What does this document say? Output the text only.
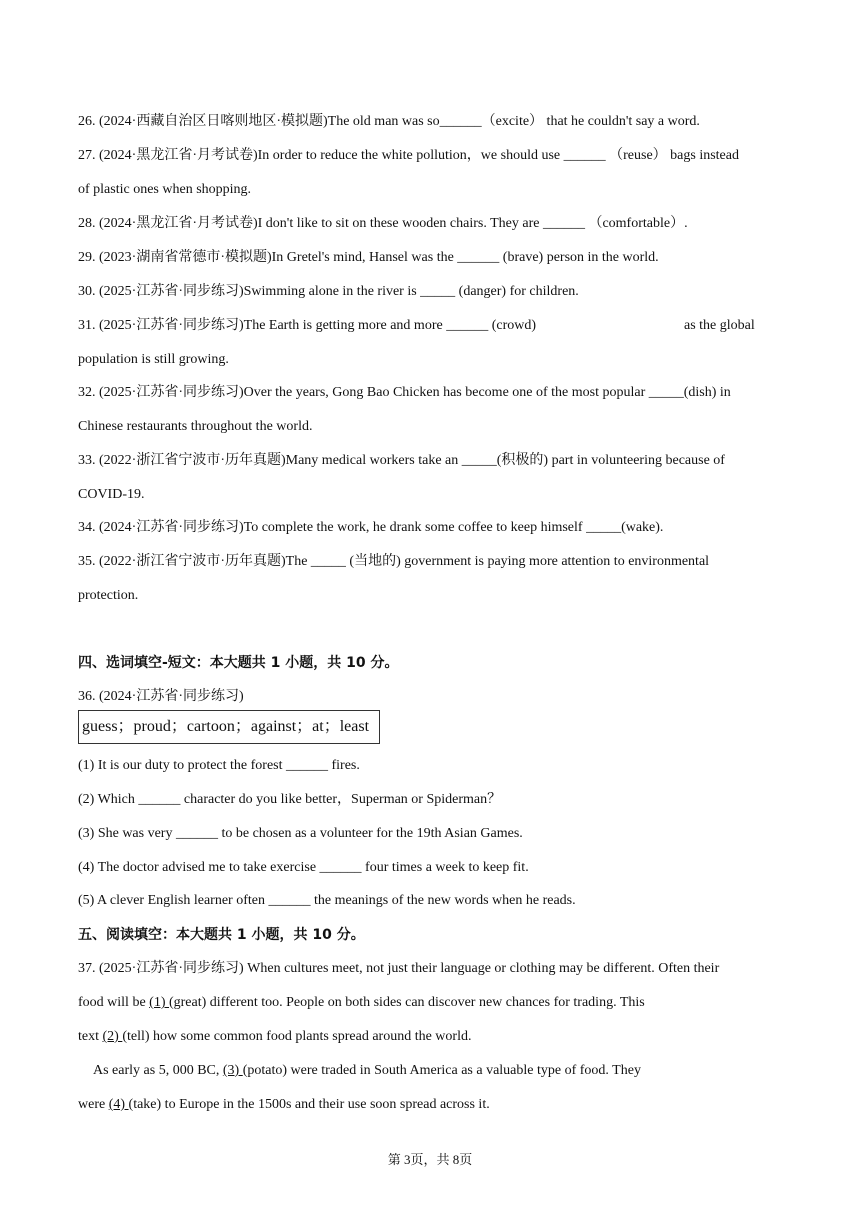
26. (2024·西藏自治区日喀则地区·模拟题)The old man was so______（excite） that he couldn't say a word.
27. (2024·黑龙江省·月考试卷)In order to reduce the white pollution，we should use ______ （reuse） bags instead
of plastic ones when shopping.
28. (2024·黑龙江省·月考试卷)I don't like to sit on these wooden chairs. They are ______ （comfortable）.
29. (2023·湖南省常德市·模拟题)In Gretel's mind, Hansel was the ______ (brave) person in the world.
30. (2025·江苏省·同步练习)Swimming alone in the river is _____ (danger) for children.
31. (2025·江苏省·同步练习)The Earth is getting more and more ______ (crowd)	as the global
population is still growing.
32. (2025·江苏省·同步练习)Over the years, Gong Bao Chicken has become one of the most popular _____(dish) in
Chinese restaurants throughout the world.
33. (2022·浙江省宁波市·历年真题)Many medical workers take an _____(积极的) part in volunteering because of
COVID-19.
34. (2024·江苏省·同步练习)To complete the work, he drank some coffee to keep himself _____(wake).
35. (2022·浙江省宁波市·历年真题)The _____ (当地的) government is paying more attention to environmental
protection.
四、选词填空-短文：本大题共 1 小题，共 10 分。
36. (2024·江苏省·同步练习)
guess；proud；cartoon；against；at；least
(1) It is our duty to protect the forest ______ fires.
(2) Which ______ character do you like better，Superman or Spiderman？
(3) She was very ______ to be chosen as a volunteer for the 19th Asian Games.
(4) The doctor advised me to take exercise ______ four times a week to keep fit.
(5) A clever English learner often ______ the meanings of the new words when he reads.
五、阅读填空：本大题共 1 小题，共 10 分。
37. (2025·江苏省·同步练习) When cultures meet, not just their language or clothing may be different. Often their
food will be (1) (great) different too. People on both sides can discover new chances for trading. This
text (2) (tell) how some common food plants spread around the world.
As early as 5, 000 BC, (3) (potato) were traded in South America as a valuable type of food. They
were (4) (take) to Europe in the 1500s and their use soon spread across it.
第 3页，共 8页
